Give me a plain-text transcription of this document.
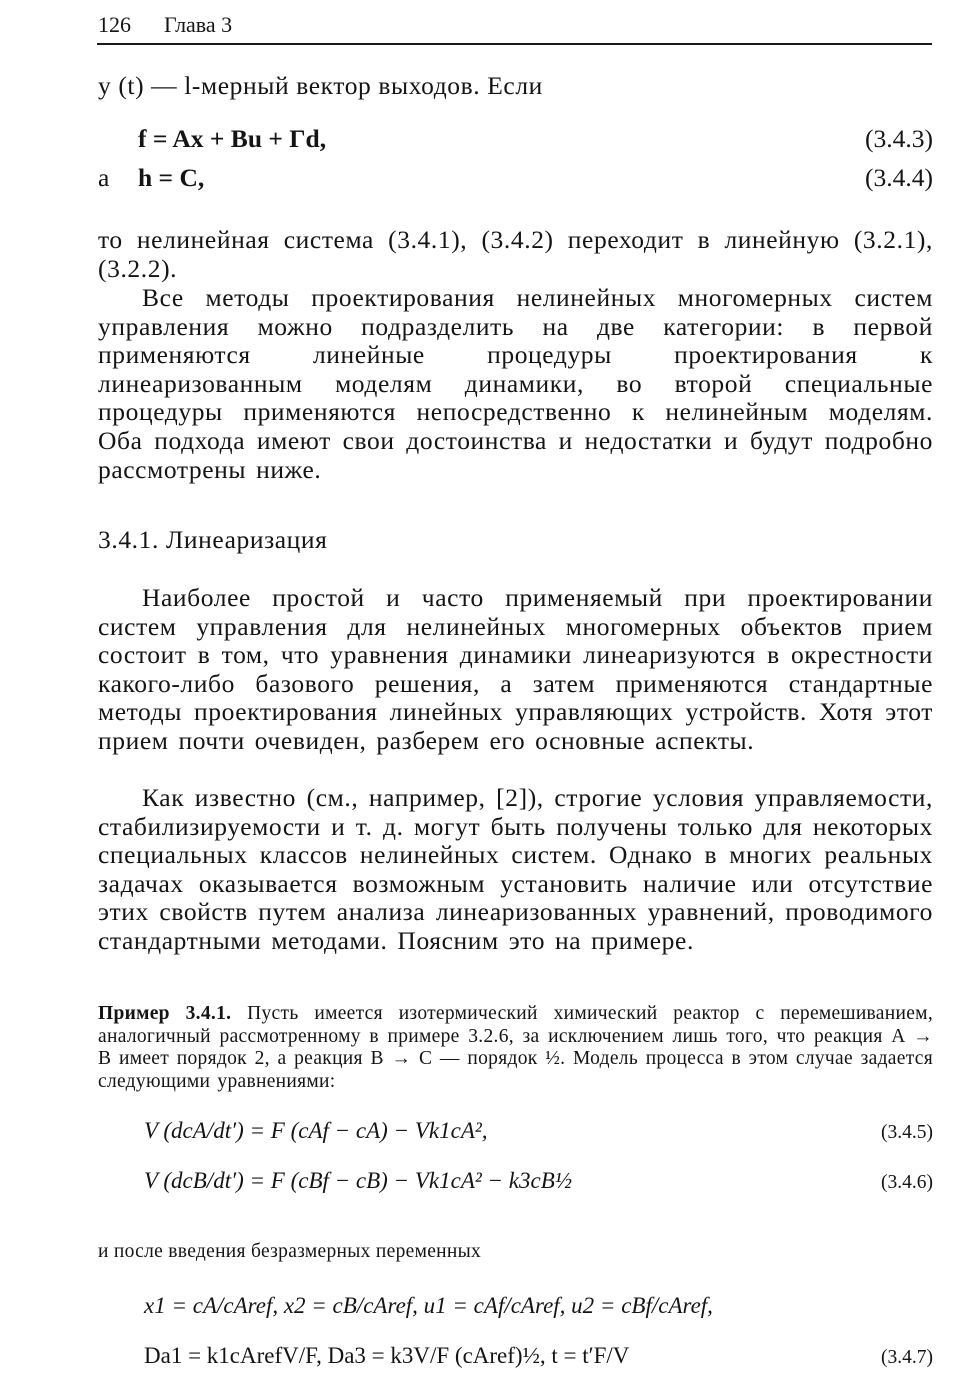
126 Глава 3
y (t) — l-мерный вектор выходов. Если
f = Ax + Bu + Гd,	(3.4.3)
а h = C,	(3.4.4)
то нелинейная система (3.4.1), (3.4.2) переходит в линейную (3.2.1), (3.2.2).
Все методы проектирования нелинейных многомерных систем управления можно подразделить на две категории: в первой применяются линейные процедуры проектирования к линеаризованным моделям динамики, во второй специальные процедуры применяются непосредственно к нелинейным моделям. Оба подхода имеют свои достоинства и недостатки и будут подробно рассмотрены ниже.
3.4.1. Линеаризация
Наиболее простой и часто применяемый при проектировании систем управления для нелинейных многомерных объектов прием состоит в том, что уравнения динамики линеаризуются в окрестности какого-либо базового решения, а затем применяются стандартные методы проектирования линейных управляющих устройств. Хотя этот прием почти очевиден, разберем его основные аспекты.
Как известно (см., например, [2]), строгие условия управляемости, стабилизируемости и т. д. могут быть получены только для некоторых специальных классов нелинейных систем. Однако в многих реальных задачах оказывается возможным установить наличие или отсутствие этих свойств путем анализа линеаризованных уравнений, проводимого стандартными методами. Поясним это на примере.
Пример 3.4.1. Пусть имеется изотермический химический реактор с перемешиванием, аналогичный рассмотренному в примере 3.2.6, за исключением лишь того, что реакция A → B имеет порядок 2, а реакция B → C — порядок ½. Модель процесса в этом случае задается следующими уравнениями:
V (dcA/dt′) = F (cAf − cA) − Vk1cA²,	(3.4.5)
V (dcB/dt′) = F (cBf − cB) − Vk1cA² − k3cB½	(3.4.6)
и после введения безразмерных переменных
x1 = cA/cAref, x2 = cB/cAref, u1 = cAf/cAref, u2 = cBf/cAref,
Da1 = k1cArefV/F, Da3 = k3V/F (cAref)½, t = t′F/V	(3.4.7)
